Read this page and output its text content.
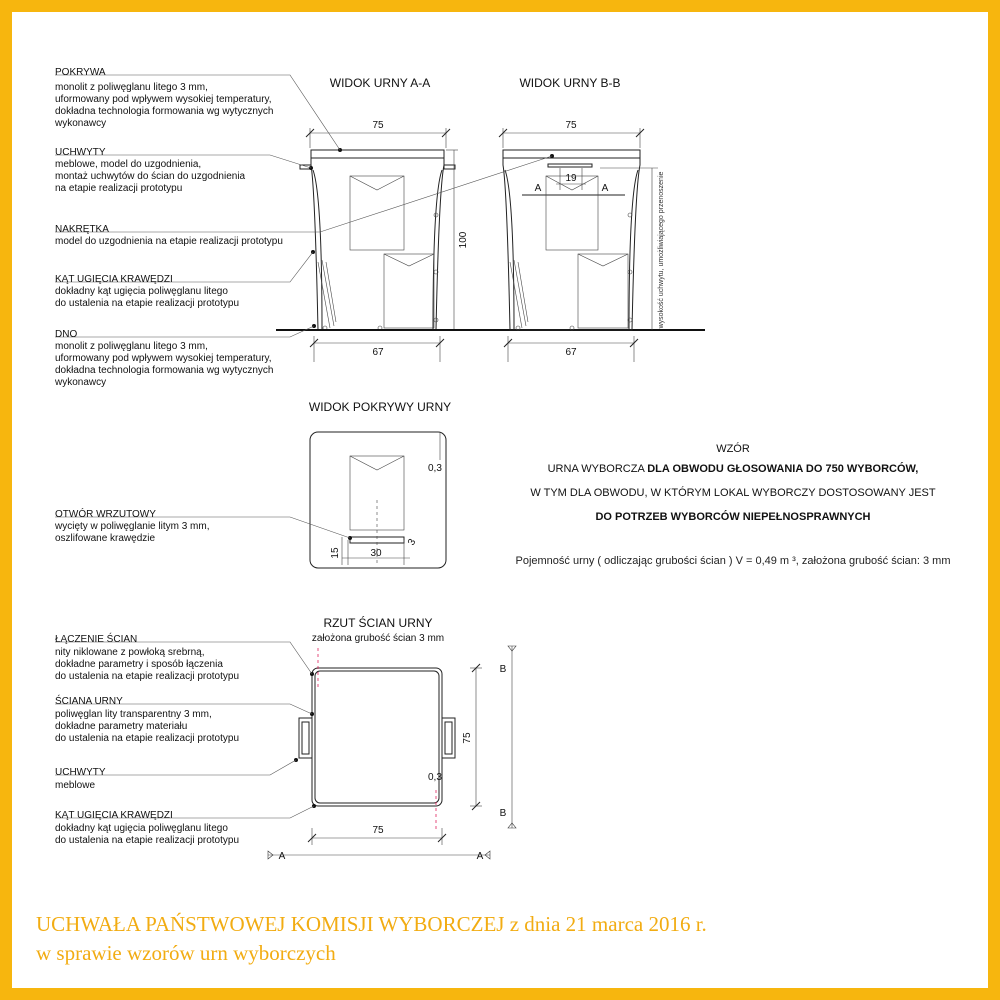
WIDOK URNY A-A
75
100
67
WIDOK URNY B-B
75
A	A
19	wysokość uchwytu, umożliwiającego przenoszenie
67
POKRYWA
monolit z poliwęglanu litego 3 mm,
uformowany pod wpływem wysokiej temperatury,
dokładna technologia formowania wg wytycznych
wykonawcy
UCHWYTY
meblowe, model do uzgodnienia,
montaż uchwytów do ścian do uzgodnienia
na etapie realizacji prototypu
NAKRĘTKA
model do uzgodnienia na etapie realizacji prototypu
KĄT UGIĘCIA KRAWĘDZI
dokładny kąt ugięcia poliwęglanu litego
do ustalenia na etapie realizacji prototypu
DNO
monolit z poliwęglanu litego 3 mm,
uformowany pod wpływem wysokiej temperatury,
dokładna technologia formowania wg wytycznych
wykonawcy
WIDOK POKRYWY URNY
0,3
30
15
3
OTWÓR WRZUTOWY
wycięty w poliwęglanie litym 3 mm,
oszlifowane krawędzie
WZÓR
URNA WYBORCZA DLA OBWODU GŁOSOWANIA DO 750 WYBORCÓW,
W TYM DLA OBWODU, W KTÓRYM LOKAL WYBORCZY DOSTOSOWANY JEST
DO POTRZEB WYBORCÓW NIEPEŁNOSPRAWNYCH
Pojemność urny ( odliczając grubości ścian ) V = 0,49 m ³, założona grubość ścian: 3 mm
RZUT ŚCIAN URNY
założona grubość ścian 3 mm
0,3
75
75
A	A
B
B
ŁĄCZENIE ŚCIAN
nity niklowane z powłoką srebrną,
dokładne parametry i sposób łączenia
do ustalenia na etapie realizacji prototypu
ŚCIANA URNY
poliwęglan lity transparentny 3 mm,
dokładne parametry materiału
do ustalenia na etapie realizacji prototypu
UCHWYTY
meblowe
KĄT UGIĘCIA KRAWĘDZI
dokładny kąt ugięcia poliwęglanu litego
do ustalenia na etapie realizacji prototypu
UCHWAŁA PAŃSTWOWEJ KOMISJI WYBORCZEJ z dnia 21 marca 2016 r.
w sprawie wzorów urn wyborczych
